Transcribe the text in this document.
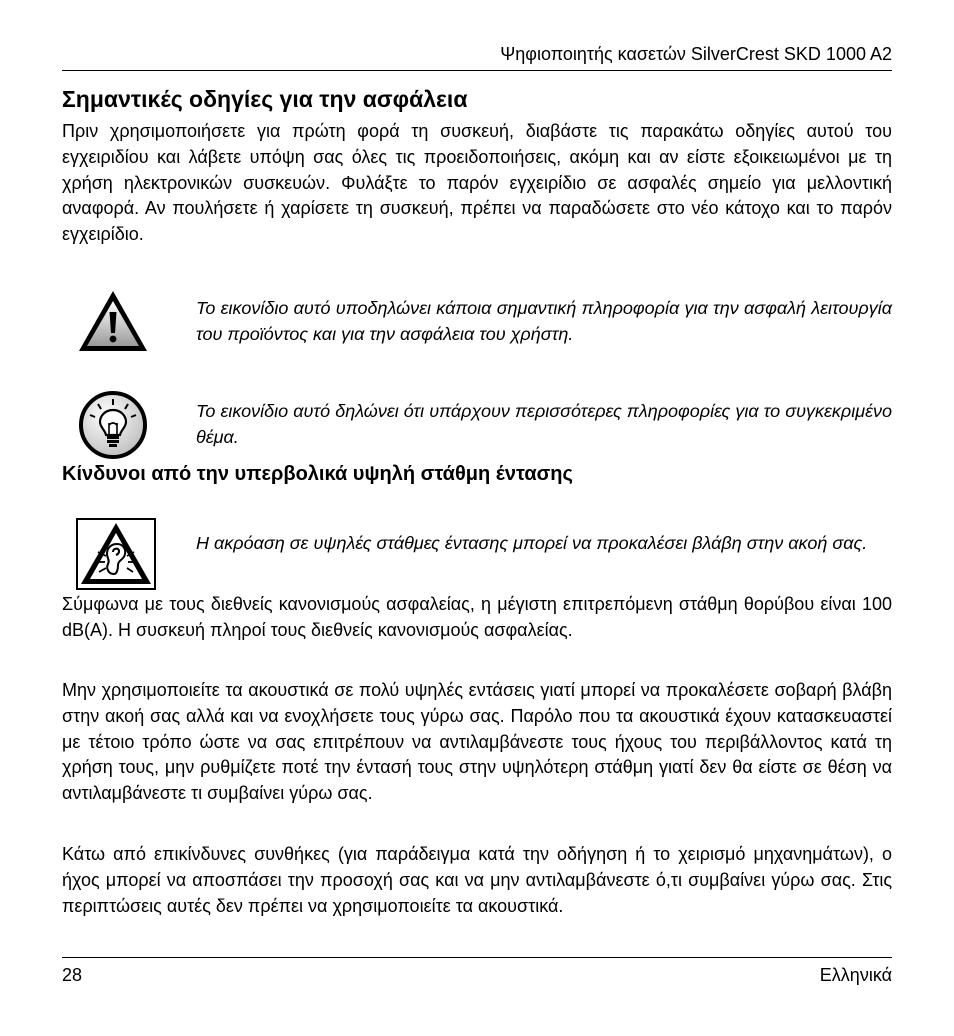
Ψηφιοποιητής κασετών SilverCrest SKD 1000 A2
Σημαντικές οδηγίες για την ασφάλεια

Πριν χρησιμοποιήσετε για πρώτη φορά τη συσκευή, διαβάστε τις παρακάτω οδηγίες αυτού του εγχειριδίου και λάβετε υπόψη σας όλες τις προειδοποιήσεις, ακόμη και αν είστε εξοικειωμένοι με τη χρήση ηλεκτρονικών συσκευών. Φυλάξτε το παρόν εγχειρίδιο σε ασφαλές σημείο για μελλοντική αναφορά. Αν πουλήσετε ή χαρίσετε τη συσκευή, πρέπει να παραδώσετε στο νέο κάτοχο και το παρόν εγχειρίδιο.

Το εικονίδιο αυτό υποδηλώνει κάποια σημαντική πληροφορία για την ασφαλή λειτουργία του προϊόντος και για την ασφάλεια του χρήστη.

Το εικονίδιο αυτό δηλώνει ότι υπάρχουν περισσότερες πληροφορίες για το συγκεκριμένο θέμα.

Κίνδυνοι από την υπερβολικά υψηλή στάθμη έντασης

Η ακρόαση σε υψηλές στάθμες έντασης μπορεί να προκαλέσει βλάβη στην ακοή σας.

Σύμφωνα με τους διεθνείς κανονισμούς ασφαλείας, η μέγιστη επιτρεπόμενη στάθμη θορύβου είναι 100 dB(A). Η συσκευή πληροί τους διεθνείς κανονισμούς ασφαλείας.

Μην χρησιμοποιείτε τα ακουστικά σε πολύ υψηλές εντάσεις γιατί μπορεί να προκαλέσετε σοβαρή βλάβη στην ακοή σας αλλά και να ενοχλήσετε τους γύρω σας. Παρόλο που τα ακουστικά έχουν κατασκευαστεί με τέτοιο τρόπο ώστε να σας επιτρέπουν να αντιλαμβάνεστε τους ήχους του περιβάλλοντος κατά τη χρήση τους, μην ρυθμίζετε ποτέ την έντασή τους στην υψηλότερη στάθμη γιατί δεν θα είστε σε θέση να αντιλαμβάνεστε τι συμβαίνει γύρω σας.

Κάτω από επικίνδυνες συνθήκες (για παράδειγμα κατά την οδήγηση ή το χειρισμό μηχανημάτων), ο ήχος μπορεί να αποσπάσει την προσοχή σας και να μην αντιλαμβάνεστε ό,τι συμβαίνει γύρω σας. Στις περιπτώσεις αυτές δεν πρέπει να χρησιμοποιείτε τα ακουστικά.

28	Ελληνικά
